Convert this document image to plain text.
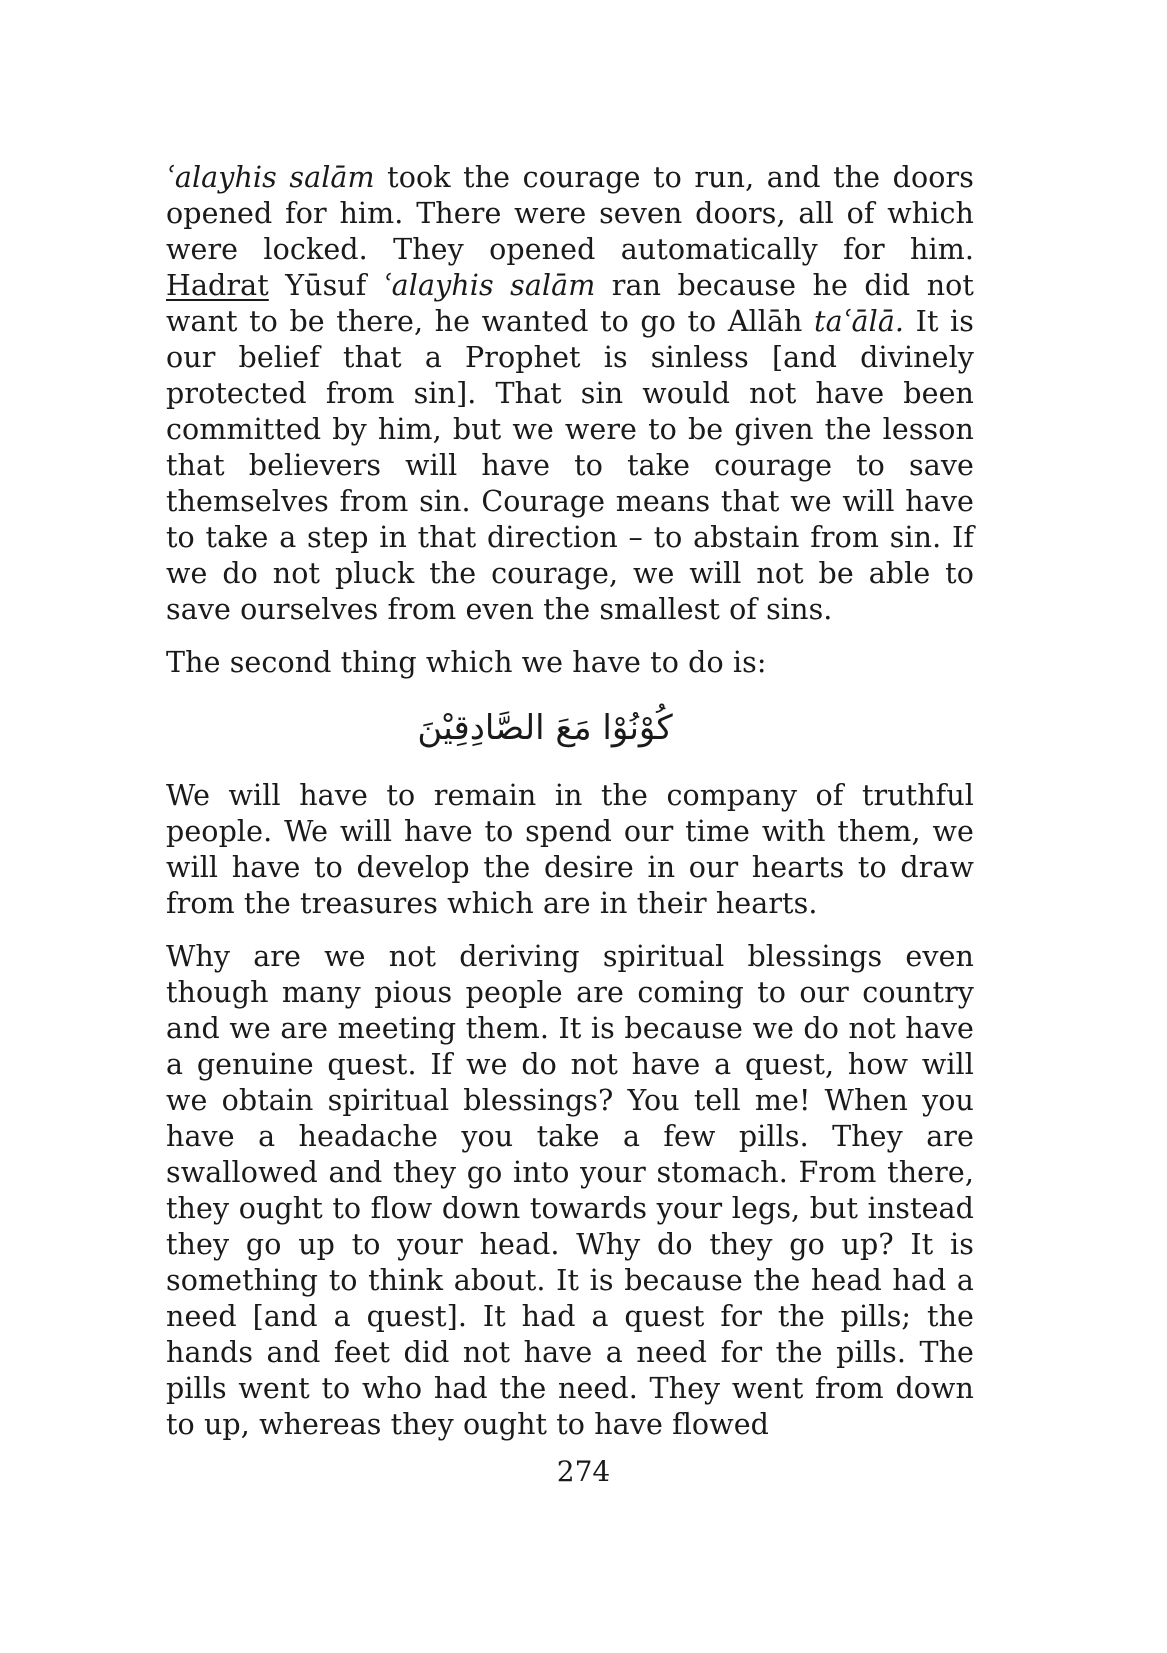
ʿalayhis salām took the courage to run, and the doors opened for him. There were seven doors, all of which were locked. They opened automatically for him. Hadrat Yūsuf ʿalayhis salām ran because he did not want to be there, he wanted to go to Allāh taʿālā. It is our belief that a Prophet is sinless [and divinely protected from sin]. That sin would not have been committed by him, but we were to be given the lesson that believers will have to take courage to save themselves from sin. Courage means that we will have to take a step in that direction – to abstain from sin. If we do not pluck the courage, we will not be able to save ourselves from even the smallest of sins.

The second thing which we have to do is:

كُوْنُوْا مَعَ الصَّادِقِيْنَ

We will have to remain in the company of truthful people. We will have to spend our time with them, we will have to develop the desire in our hearts to draw from the treasures which are in their hearts.

Why are we not deriving spiritual blessings even though many pious people are coming to our country and we are meeting them. It is because we do not have a genuine quest. If we do not have a quest, how will we obtain spiritual blessings? You tell me! When you have a headache you take a few pills. They are swallowed and they go into your stomach. From there, they ought to flow down towards your legs, but instead they go up to your head. Why do they go up? It is something to think about. It is because the head had a need [and a quest]. It had a quest for the pills; the hands and feet did not have a need for the pills. The pills went to who had the need. They went from down to up, whereas they ought to have flowed

274
